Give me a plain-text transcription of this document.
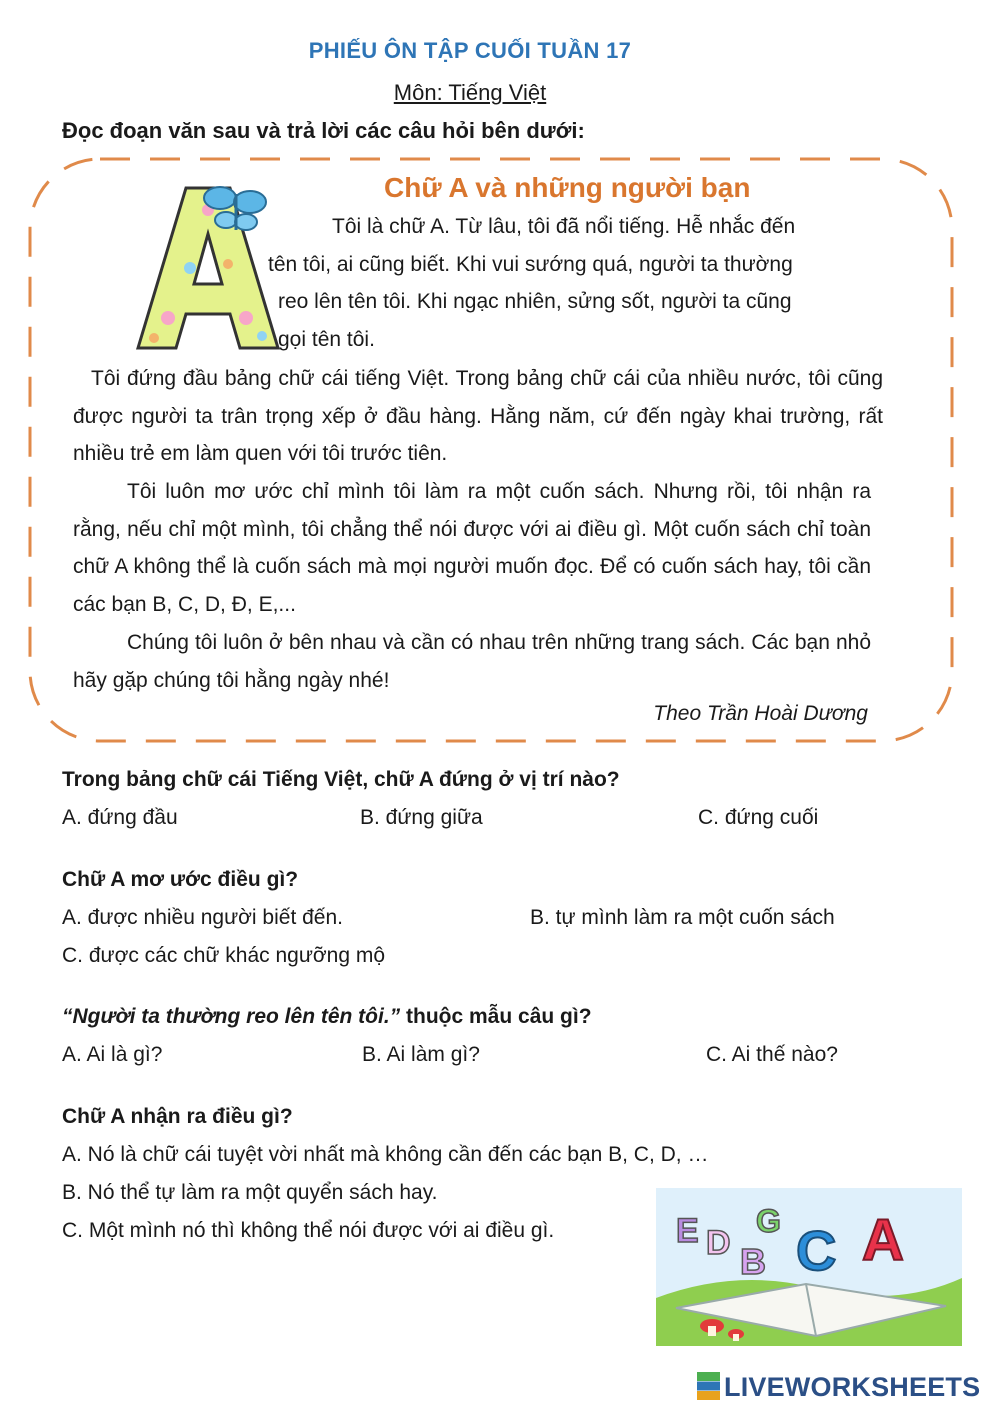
PHIẾU ÔN TẬP CUỐI TUẦN 17
Môn: Tiếng Việt
Đọc đoạn văn sau và trả lời các câu hỏi bên dưới:
Chữ A và những người bạn
Tôi là chữ A. Từ lâu, tôi đã nổi tiếng. Hễ nhắc đến
tên tôi, ai cũng biết. Khi vui sướng quá, người ta thường
reo lên tên tôi. Khi ngạc nhiên, sửng sốt, người ta cũng
gọi tên tôi.
Tôi đứng đầu bảng chữ cái tiếng Việt. Trong bảng chữ cái của nhiều nước, tôi cũng được người ta trân trọng xếp ở đầu hàng. Hằng năm, cứ đến ngày khai trường, rất nhiều trẻ em làm quen với tôi trước tiên.
Tôi luôn mơ ước chỉ mình tôi làm ra một cuốn sách. Nhưng rồi, tôi nhận ra rằng, nếu chỉ một mình, tôi chẳng thể nói được với ai điều gì. Một cuốn sách chỉ toàn chữ A không thể là cuốn sách mà mọi người muốn đọc. Để có cuốn sách hay, tôi cần các bạn B, C, D, Đ, E,...
Chúng tôi luôn ở bên nhau và cần có nhau trên những trang sách. Các bạn nhỏ hãy gặp chúng tôi hằng ngày nhé!
Theo Trần Hoài Dương
Trong bảng chữ cái Tiếng Việt, chữ A đứng ở vị trí nào?
A. đứng đầu	B. đứng giữa	C. đứng cuối
Chữ A mơ ước điều gì?
A. được nhiều người biết đến.	B. tự mình làm ra một cuốn sách
C. được các chữ khác ngưỡng mộ
“Người ta thường reo lên tên tôi.” thuộc mẫu câu gì?
A. Ai là gì?	B. Ai làm gì?	C. Ai thế nào?
Chữ A nhận ra điều gì?
A. Nó là chữ cái tuyệt vời nhất mà không cần đến các bạn B, C, D, …
B. Nó thể tự làm ra một quyển sách hay.
C. Một mình nó thì không thể nói được với ai điều gì.	E D
G
B C A
LIVEWORKSHEETS
